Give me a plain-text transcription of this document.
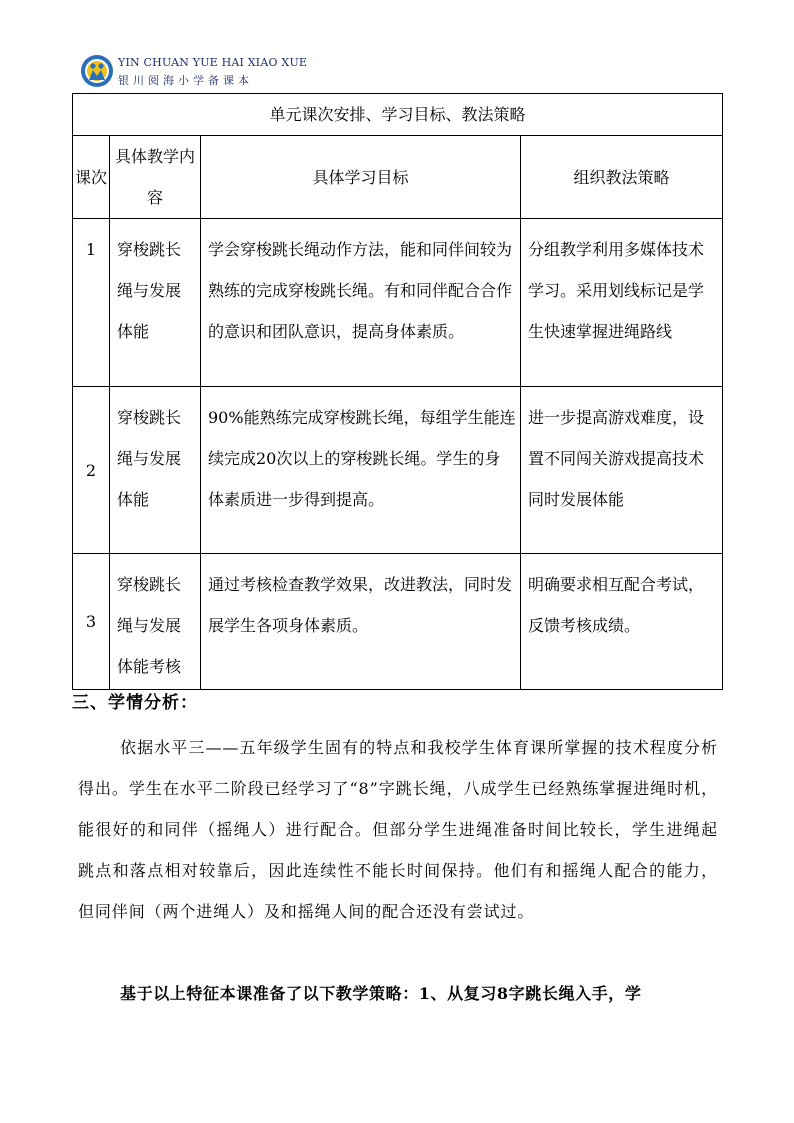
YIN CHUAN YUE HAI XIAO XUE
银川阅海小学备课本
单元课次安排、学习目标、教法策略			
课次	具体教学内容	具体学习目标	组织教法策略
1	穿梭跳长绳与发展体能	学会穿梭跳长绳动作方法，能和同伴间较为熟练的完成穿梭跳长绳。有和同伴配合合作的意识和团队意识，提高身体素质。	分组教学利用多媒体技术学习。采用划线标记是学生快速掌握进绳路线
2	穿梭跳长绳与发展体能	90%能熟练完成穿梭跳长绳，每组学生能连续完成20次以上的穿梭跳长绳。学生的身体素质进一步得到提高。	进一步提高游戏难度，设置不同闯关游戏提高技术同时发展体能
3	穿梭跳长绳与发展体能考核	通过考核检查教学效果，改进教法，同时发展学生各项身体素质。	明确要求相互配合考试，反馈考核成绩。
三、学情分析：
依据水平三——五年级学生固有的特点和我校学生体育课所掌握的技术程度分析得出。学生在水平二阶段已经学习了“8”字跳长绳，八成学生已经熟练掌握进绳时机，能很好的和同伴（摇绳人）进行配合。但部分学生进绳准备时间比较长，学生进绳起跳点和落点相对较靠后，因此连续性不能长时间保持。他们有和摇绳人配合的能力，但同伴间（两个进绳人）及和摇绳人间的配合还没有尝试过。
基于以上特征本课准备了以下教学策略：1、从复习8字跳长绳入手，学
